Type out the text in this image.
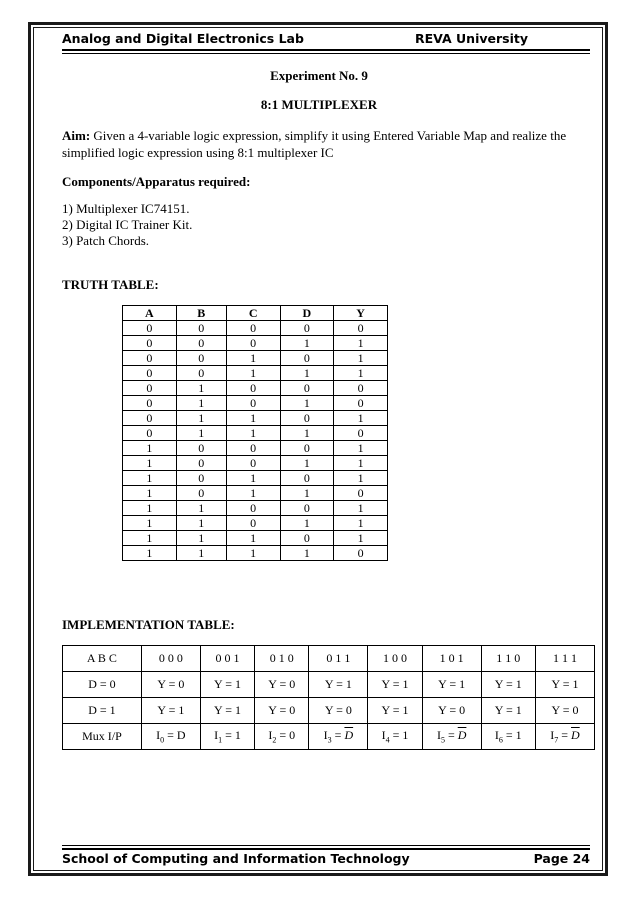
Analog and Digital Electronics Lab	REVA University
Experiment No. 9
8:1 MULTIPLEXER
Aim: Given a 4-variable logic expression, simplify it using Entered Variable Map and realize the simplified logic expression using 8:1 multiplexer IC
Components/Apparatus required:
1) Multiplexer IC74151.
2) Digital IC Trainer Kit.
3) Patch Chords.
TRUTH TABLE:
A	B	C	D	Y
0	0	0	0	0
0	0	0	1	1
0	0	1	0	1
0	0	1	1	1
0	1	0	0	0
0	1	0	1	0
0	1	1	0	1
0	1	1	1	0
1	0	0	0	1
1	0	0	1	1
1	0	1	0	1
1	0	1	1	0
1	1	0	0	1
1	1	0	1	1
1	1	1	0	1
1	1	1	1	0
IMPLEMENTATION TABLE:
A B C	0 0 0	0 0 1	0 1 0	0 1 1	1 0 0	1 0 1	1 1 0	1 1 1
D = 0	Y = 0	Y = 1	Y = 0	Y = 1	Y = 1	Y = 1	Y = 1	Y = 1
D = 1	Y = 1	Y = 1	Y = 0	Y = 0	Y = 1	Y = 0	Y = 1	Y = 0
Mux I/P	$I_0 = D$	$I_1 = 1$	$I_2 = 0$	$I_3 = \overline{D}$	$I_4 = 1$	$I_5 = \overline{D}$	$I_6 = 1$	$I_7 = \overline{D}$
School of Computing and Information Technology	Page 24
